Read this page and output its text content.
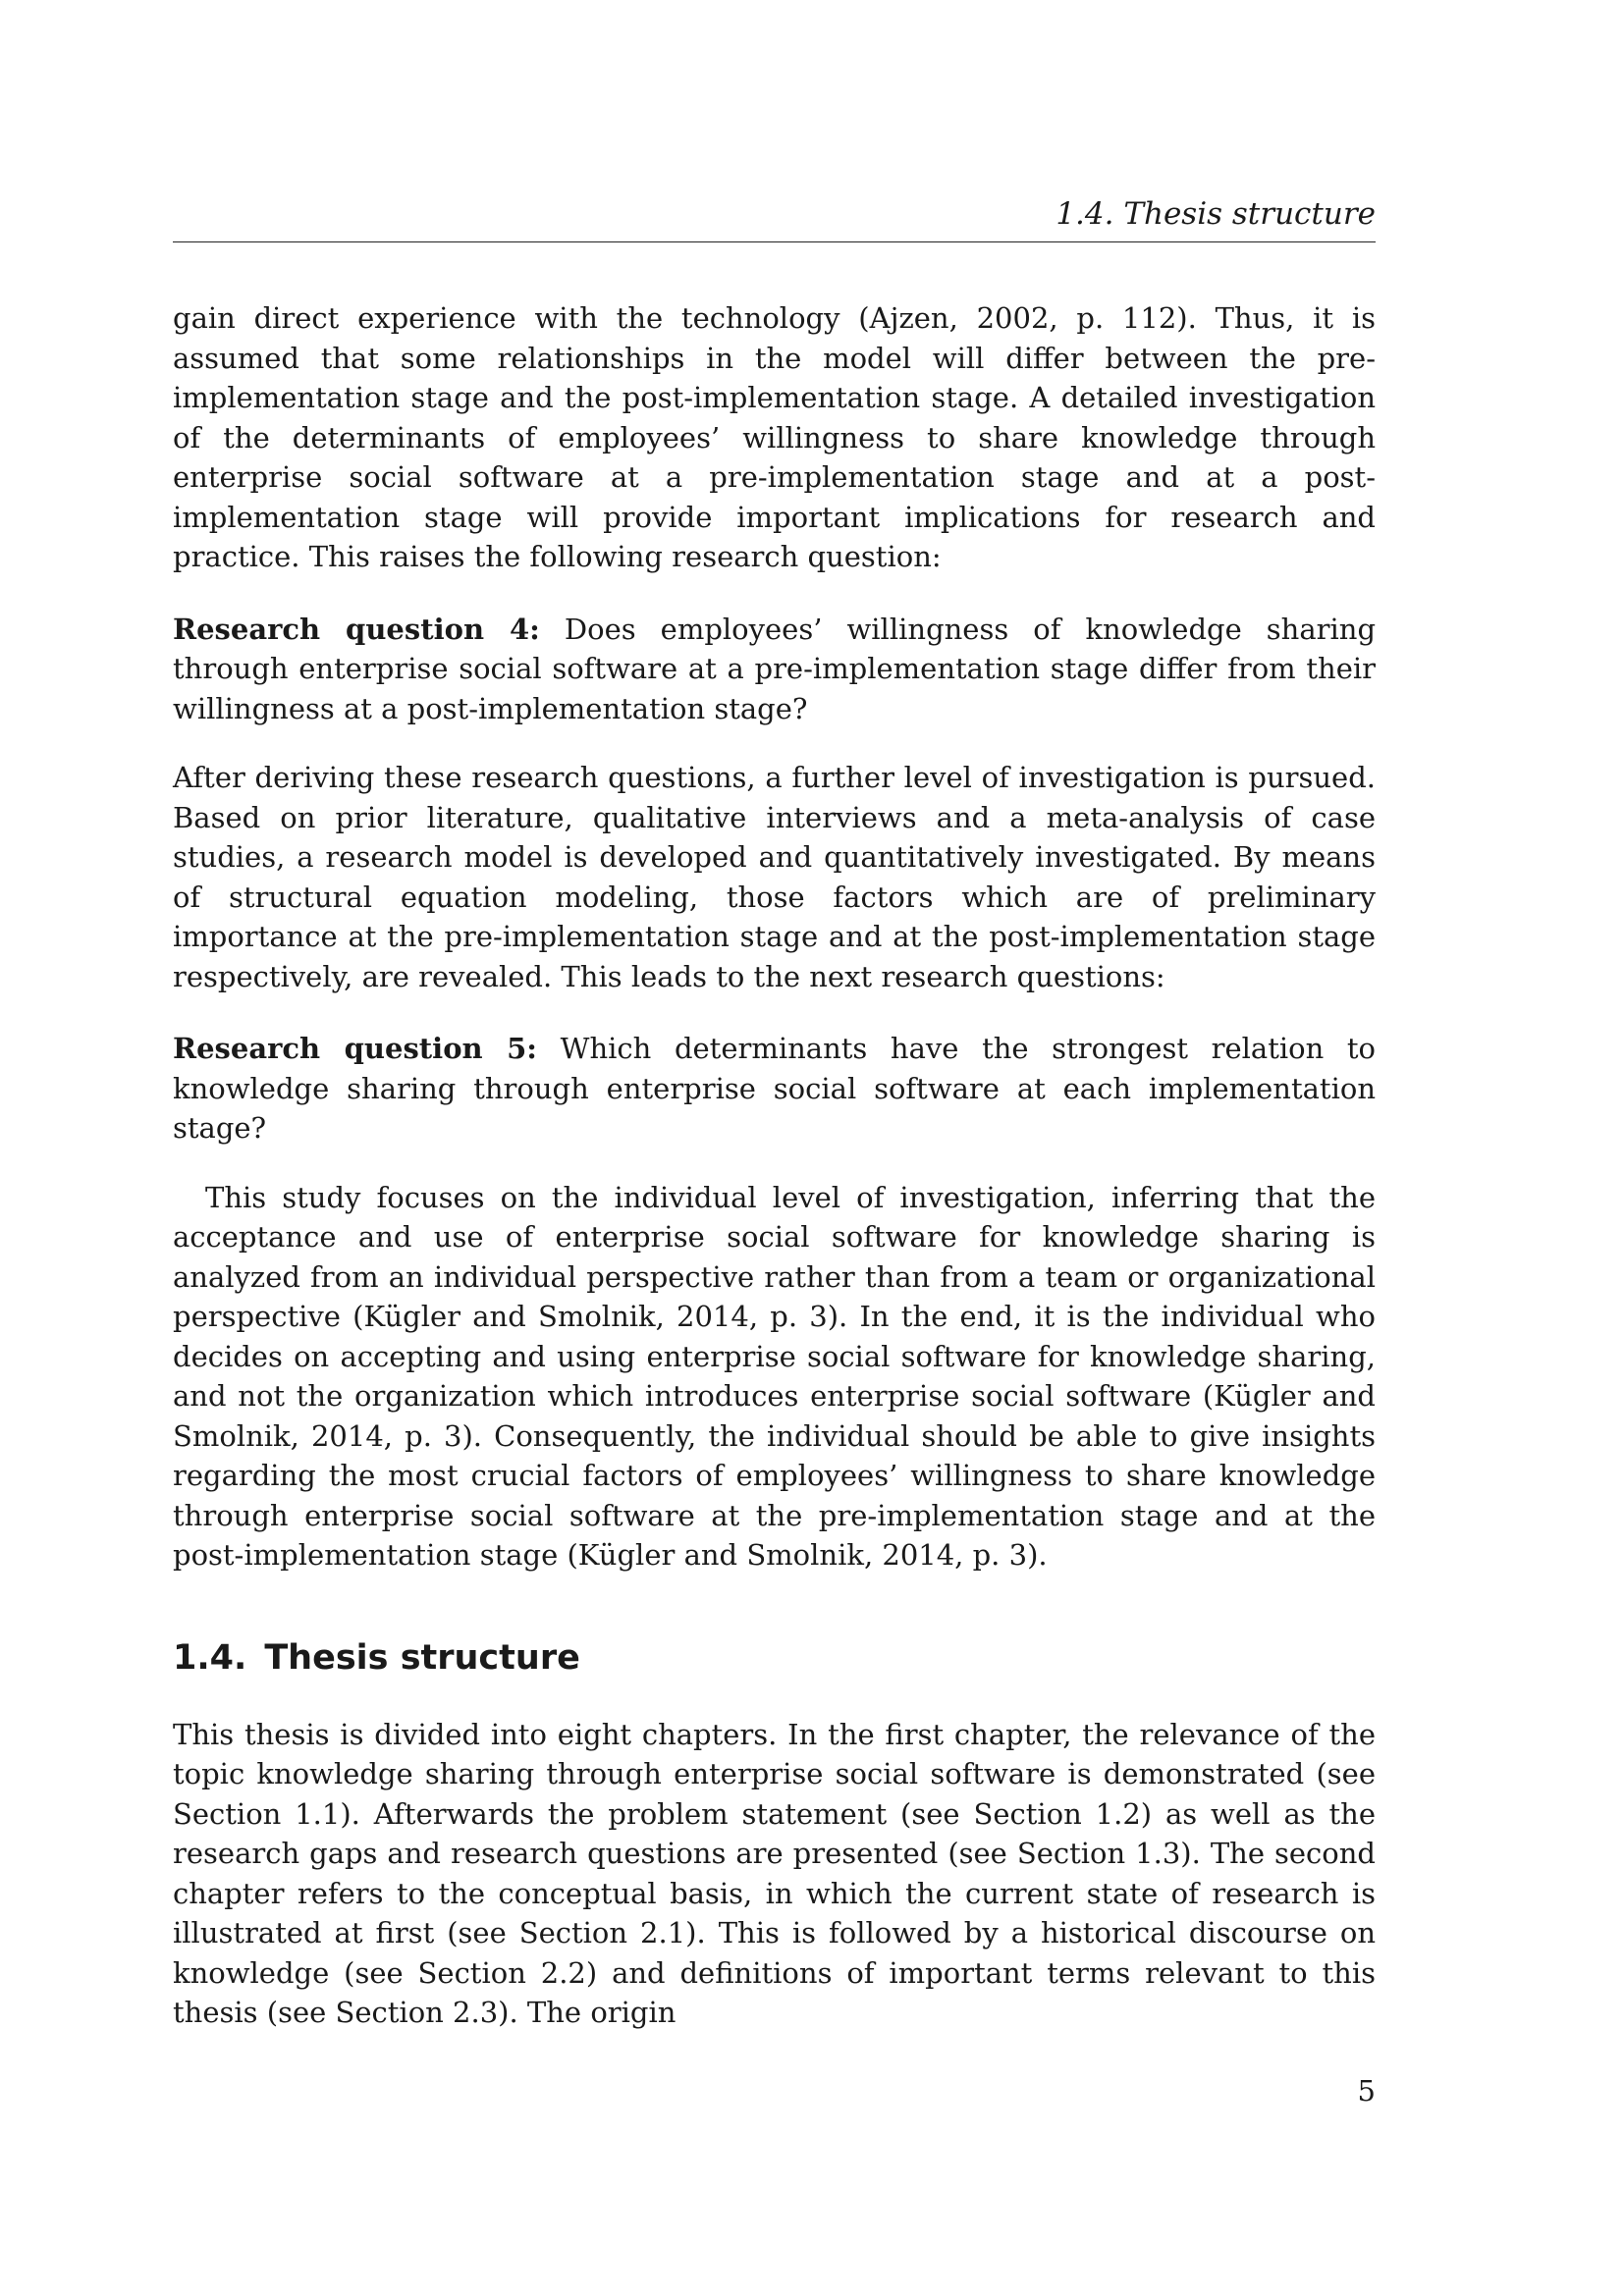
1.4. Thesis structure

gain direct experience with the technology (Ajzen, 2002, p. 112). Thus, it is assumed that some relationships in the model will differ between the pre-implementation stage and the post-implementation stage. A detailed investigation of the determinants of employees’ willingness to share knowledge through enterprise social software at a pre-implementation stage and at a post-implementation stage will provide important implications for research and practice. This raises the following research question:

Research question 4: Does employees’ willingness of knowledge sharing through enterprise social software at a pre-implementation stage differ from their willingness at a post-implementation stage?

After deriving these research questions, a further level of investigation is pursued. Based on prior literature, qualitative interviews and a meta-analysis of case studies, a research model is developed and quantitatively investigated. By means of structural equation modeling, those factors which are of preliminary importance at the pre-implementation stage and at the post-implementation stage respectively, are revealed. This leads to the next research questions:

Research question 5: Which determinants have the strongest relation to knowledge sharing through enterprise social software at each implementation stage?

This study focuses on the individual level of investigation, inferring that the acceptance and use of enterprise social software for knowledge sharing is analyzed from an individual perspective rather than from a team or organizational perspective (Kügler and Smolnik, 2014, p. 3). In the end, it is the individual who decides on accepting and using enterprise social software for knowledge sharing, and not the organization which introduces enterprise social software (Kügler and Smolnik, 2014, p. 3). Consequently, the individual should be able to give insights regarding the most crucial factors of employees’ willingness to share knowledge through enterprise social software at the pre-implementation stage and at the post-implementation stage (Kügler and Smolnik, 2014, p. 3).

1.4. Thesis structure

This thesis is divided into eight chapters. In the first chapter, the relevance of the topic knowledge sharing through enterprise social software is demonstrated (see Section 1.1). Afterwards the problem statement (see Section 1.2) as well as the research gaps and research questions are presented (see Section 1.3). The second chapter refers to the conceptual basis, in which the current state of research is illustrated at first (see Section 2.1). This is followed by a historical discourse on knowledge (see Section 2.2) and definitions of important terms relevant to this thesis (see Section 2.3). The origin

5
